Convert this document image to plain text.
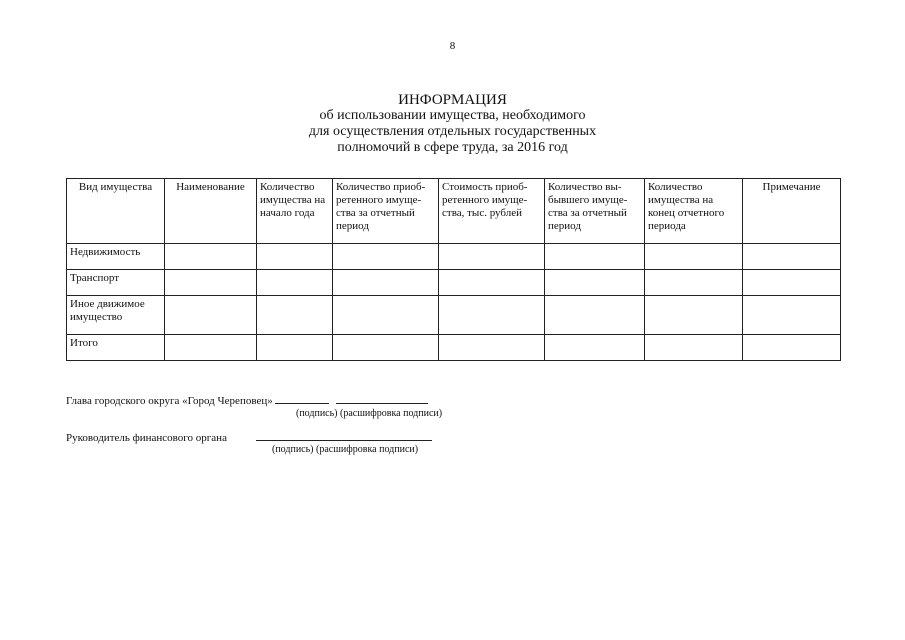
8
ИНФОРМАЦИЯ
об использовании имущества, необходимого
для осуществления отдельных государственных
полномочий в сфере труда, за 2016 год
Вид имущества	Наименование	Количество имущества на начало года	Количество приоб-ретенного имуще-ства за отчетный период	Стоимость приоб-ретенного имуще-ства, тыс. рублей	Количество вы-бывшего имуще-ства за отчетный период	Количество имущества на конец отчетного периода	Примечание
Недвижимость							
Транспорт							
Иное движимое имущество							
Итого							
Глава городского округа «Город Череповец»
(подпись) (расшифровка подписи)
Руководитель финансового органа
(подпись) (расшифровка подписи)
